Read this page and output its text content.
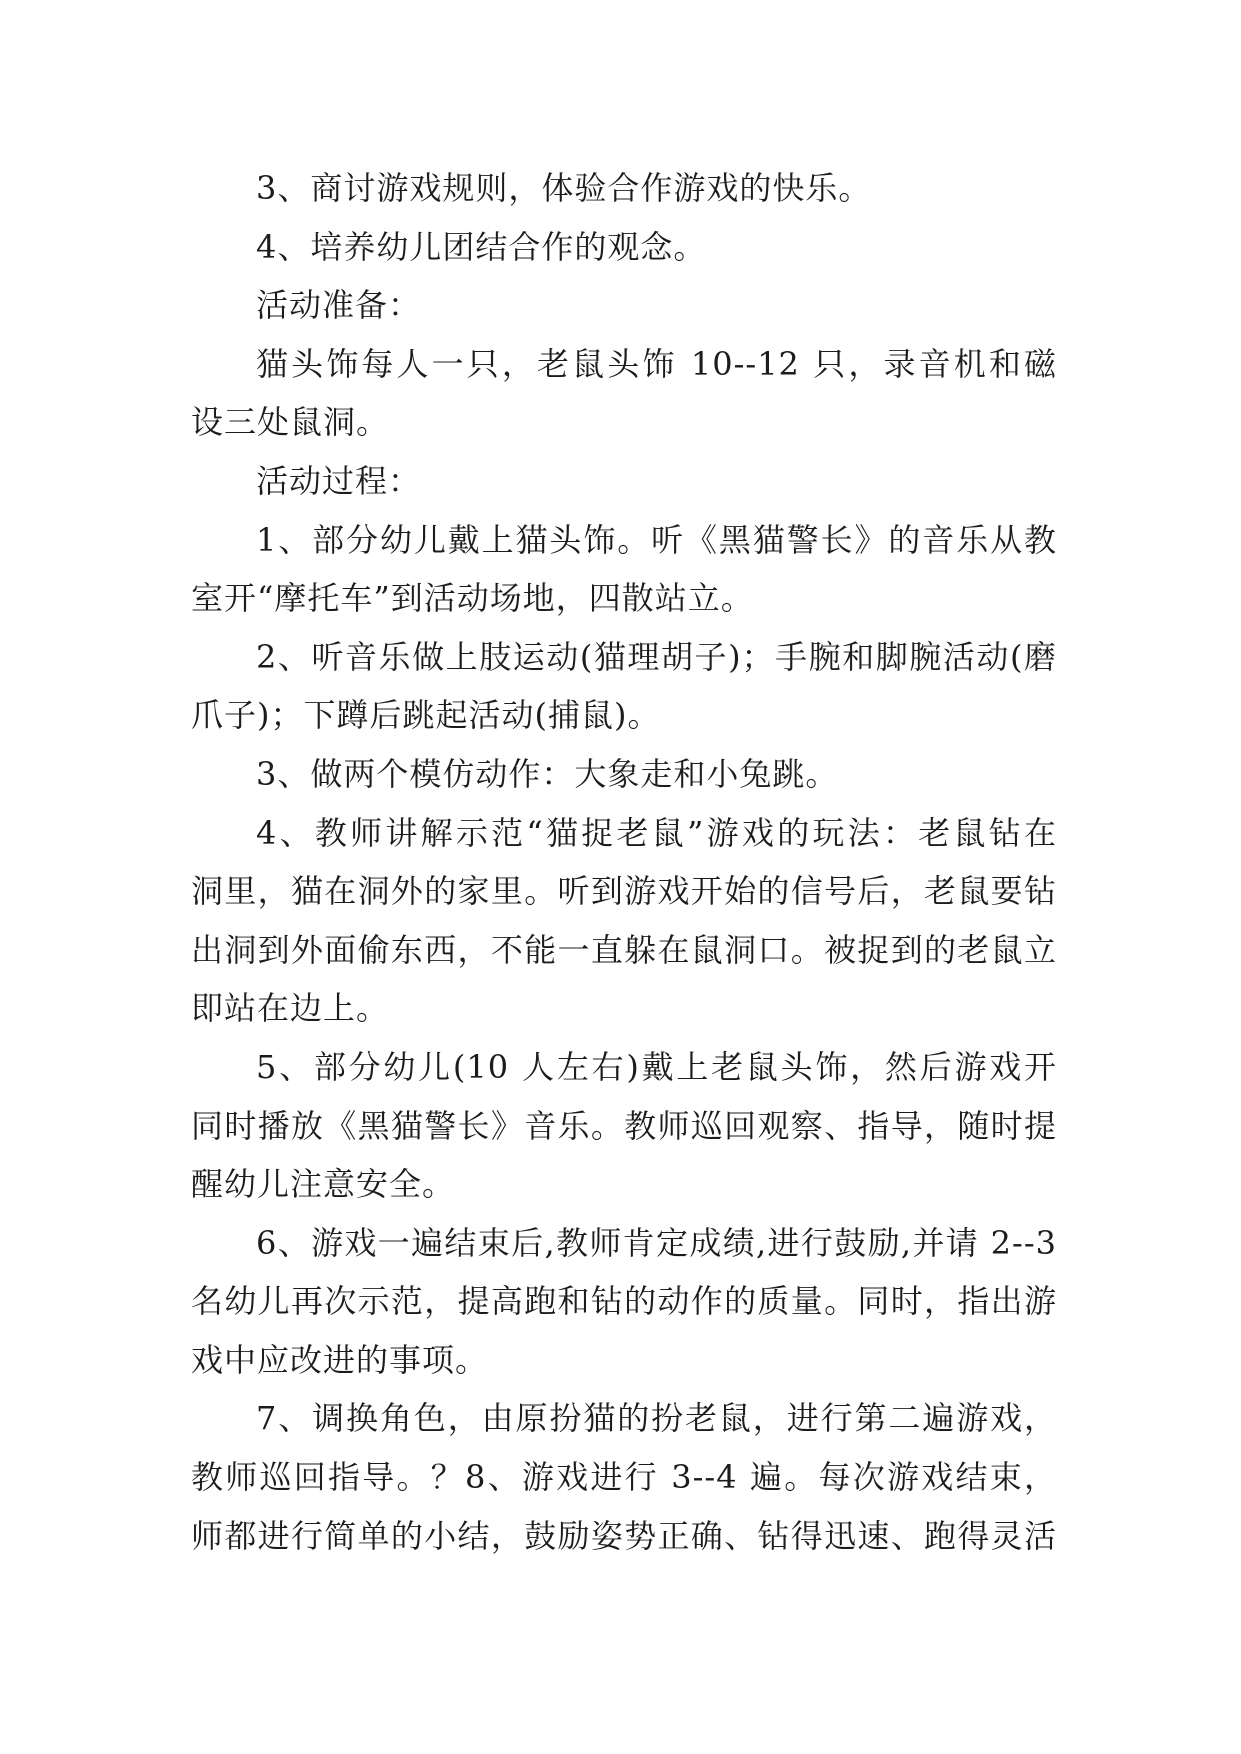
3、商讨游戏规则，体验合作游戏的快乐。

4、培养幼儿团结合作的观念。

活动准备：

猫头饰每人一只，老鼠头饰 10--12 只，录音机和磁
设三处鼠洞。

活动过程：

1、部分幼儿戴上猫头饰。听《黑猫警长》的音乐从教
室开“摩托车”到活动场地，四散站立。

2、听音乐做上肢运动(猫理胡子)；手腕和脚腕活动(磨
爪子)；下蹲后跳起活动(捕鼠)。

3、做两个模仿动作：大象走和小兔跳。

4、教师讲解示范“猫捉老鼠”游戏的玩法：老鼠钻在
洞里，猫在洞外的家里。听到游戏开始的信号后，老鼠要钻
出洞到外面偷东西，不能一直躲在鼠洞口。被捉到的老鼠立
即站在边上。

5、部分幼儿(10 人左右)戴上老鼠头饰，然后游戏开
同时播放《黑猫警长》音乐。教师巡回观察、指导，随时提
醒幼儿注意安全。

6、游戏一遍结束后,教师肯定成绩,进行鼓励,并请 2--3
名幼儿再次示范，提高跑和钻的动作的质量。同时，指出游
戏中应改进的事项。

7、调换角色，由原扮猫的扮老鼠，进行第二遍游戏，
教师巡回指导。？8、游戏进行 3--4 遍。每次游戏结束，
师都进行简单的小结，鼓励姿势正确、钻得迅速、跑得灵活
